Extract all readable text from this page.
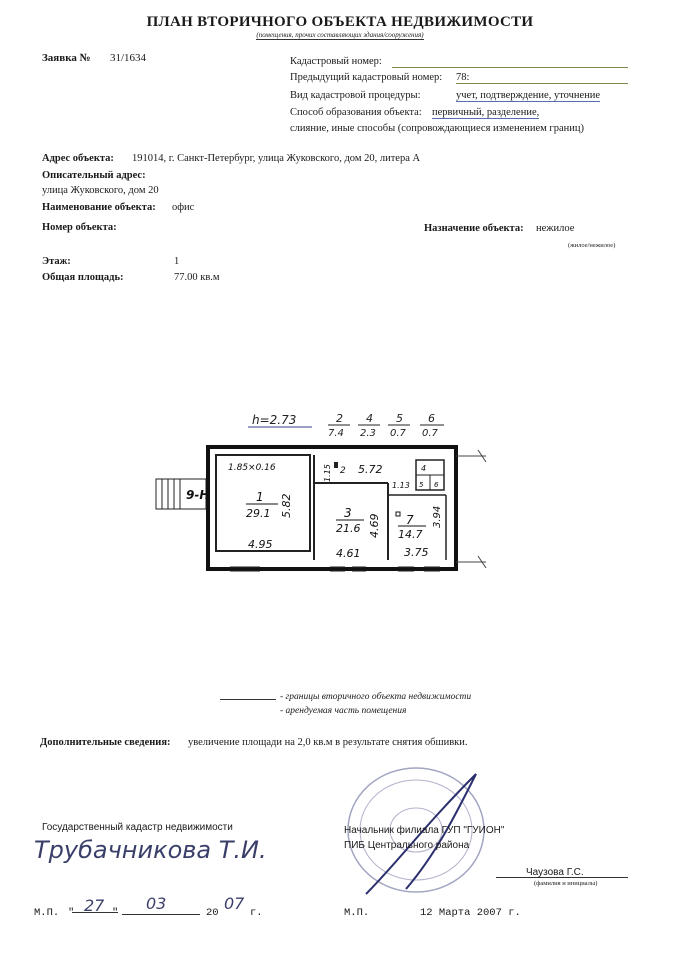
ПЛАН ВТОРИЧНОГО ОБЪЕКТА НЕДВИЖИМОСТИ
(помещения, прочих составляющих здания/сооружения)
Заявка № 31/1634	Кадастровый номер:
Предыдущий кадастровый номер: 78:
Вид кадастровой процедуры:	учет, подтверждение, уточнение
Способ образования объекта: первичный, разделение,
слияние, иные способы (сопровождающиеся изменением границ)
Адрес объекта: 191014, г. Санкт-Петербург, улица Жуковского, дом 20, литера А
Описательный адрес:
улица Жуковского, дом 20
Наименование объекта: офис
Номер объекта:	Назначение объекта: нежилое
(жилое/нежилое)
Этаж:	1
Общая площадь:	77.00 кв.м
h=2.73	2
7.4
4
2.3
5
0.7
6
0.7
9-Н
1.85×0.16
1
29.1
4.95
5.82
2 5.72
1.15
3
21.6
4.61
4.69 7
14.7
3.75
3.94
1.13
4
5 6
- границы вторичного объекта недвижимости
- арендуемая часть помещения
Дополнительные сведения: увеличение площади на 2,0 кв.м в результате снятия обшивки.
Государственный кадастр недвижимости
Трубачникова Т.И.
М.П. " 27 " 03	20 07 г.
Начальник филиала ГУП "ГУИОН"
ПИБ Центрального района
Чаузова Г.С.
(фамилия и инициалы)
М.П.	12 Марта 2007 г.
